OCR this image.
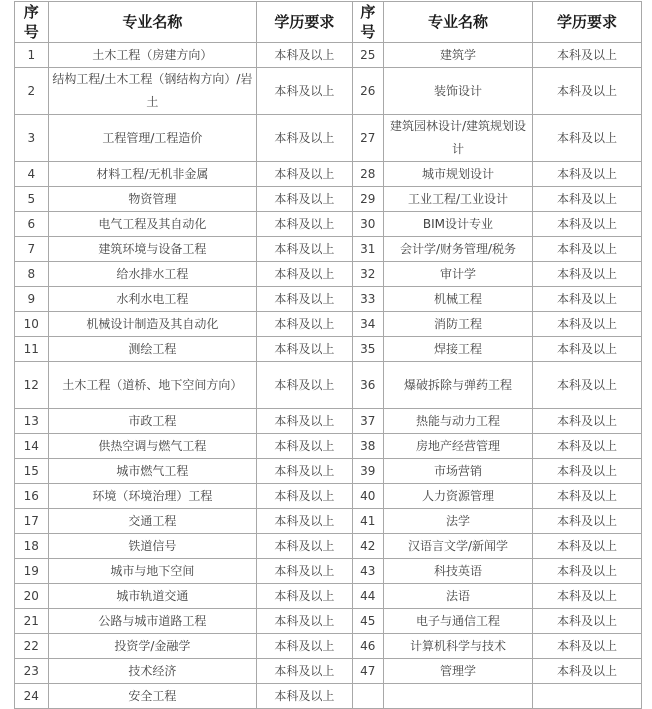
序号	专业名称	学历要求	序号	专业名称	学历要求
1	土木工程（房建方向）	本科及以上	25	建筑学	本科及以上
2	结构工程/土木工程（钢结构方向）/岩土	本科及以上	26	装饰设计	本科及以上
3	工程管理/工程造价	本科及以上	27	建筑园林设计/建筑规划设计	本科及以上
4	材料工程/无机非金属	本科及以上	28	城市规划设计	本科及以上
5	物资管理	本科及以上	29	工业工程/工业设计	本科及以上
6	电气工程及其自动化	本科及以上	30	BIM设计专业	本科及以上
7	建筑环境与设备工程	本科及以上	31	会计学/财务管理/税务	本科及以上
8	给水排水工程	本科及以上	32	审计学	本科及以上
9	水利水电工程	本科及以上	33	机械工程	本科及以上
10	机械设计制造及其自动化	本科及以上	34	消防工程	本科及以上
11	测绘工程	本科及以上	35	焊接工程	本科及以上
12	土木工程（道桥、地下空间方向）	本科及以上	36	爆破拆除与弹药工程	本科及以上
13	市政工程	本科及以上	37	热能与动力工程	本科及以上
14	供热空调与燃气工程	本科及以上	38	房地产经营管理	本科及以上
15	城市燃气工程	本科及以上	39	市场营销	本科及以上
16	环境（环境治理）工程	本科及以上	40	人力资源管理	本科及以上
17	交通工程	本科及以上	41	法学	本科及以上
18	铁道信号	本科及以上	42	汉语言文学/新闻学	本科及以上
19	城市与地下空间	本科及以上	43	科技英语	本科及以上
20	城市轨道交通	本科及以上	44	法语	本科及以上
21	公路与城市道路工程	本科及以上	45	电子与通信工程	本科及以上
22	投资学/金融学	本科及以上	46	计算机科学与技术	本科及以上
23	技术经济	本科及以上	47	管理学	本科及以上
24	安全工程	本科及以上			
